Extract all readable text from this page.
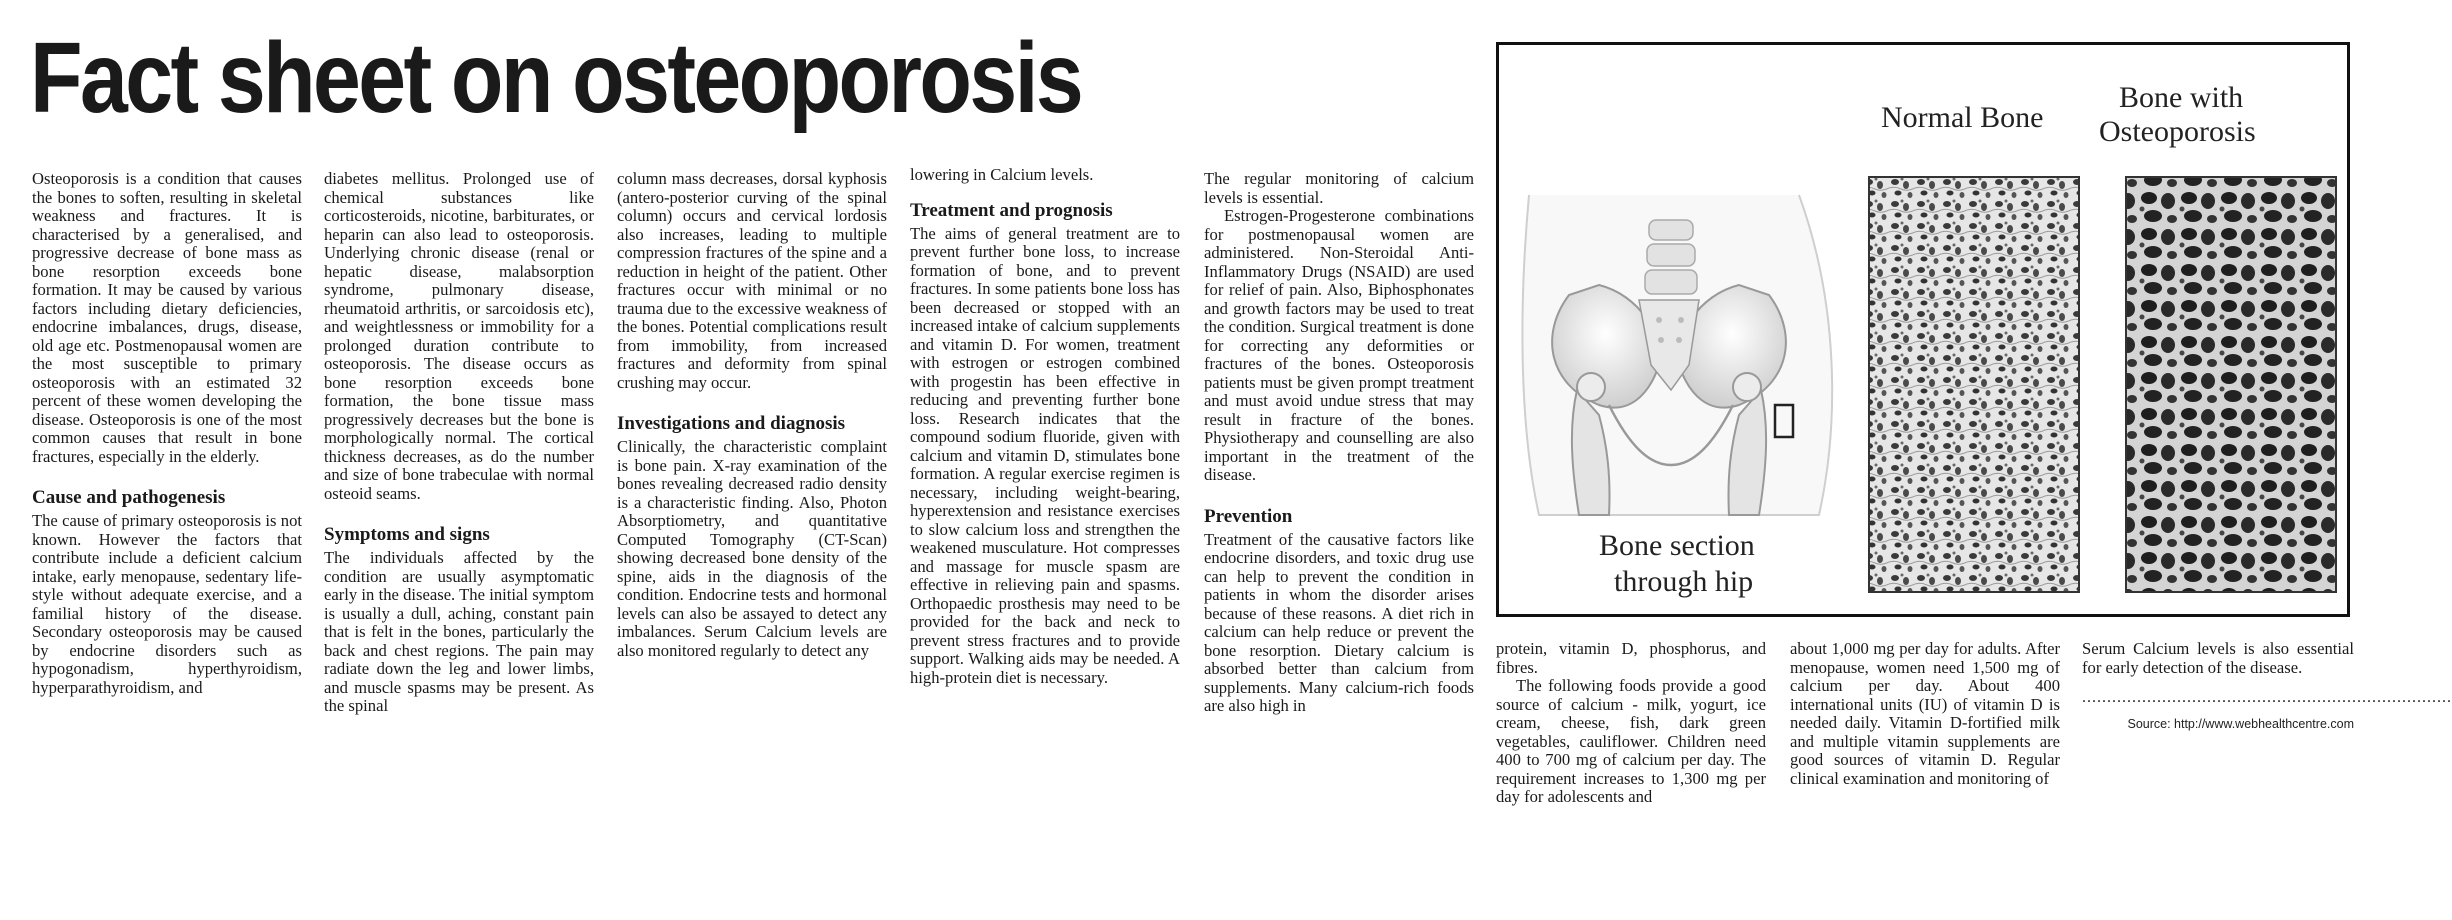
Fact sheet on osteoporosis

Osteoporosis is a condition that causes the bones to soften, resulting in skeletal weakness and fractures. It is characterised by a generalised, and progressive decrease of bone mass as bone resorption exceeds bone formation. It may be caused by various factors including dietary deficiencies, endocrine imbalances, drugs, disease, old age etc. Postmenopausal women are the most susceptible to primary osteoporosis with an estimated 32 percent of these women developing the disease. Osteoporosis is one of the most common causes that result in bone fractures, especially in the elderly.

Cause and pathogenesis

The cause of primary osteoporosis is not known. However the factors that contribute include a deficient calcium intake, early menopause, sedentary life-style without adequate exercise, and a familial history of the disease. Secondary osteoporosis may be caused by endocrine disorders such as hypogonadism, hyperthyroidism, hyperparathyroidism, and

diabetes mellitus. Prolonged use of chemical substances like corticosteroids, nicotine, barbiturates, or heparin can also lead to osteoporosis. Underlying chronic disease (renal or hepatic disease, malabsorption syndrome, pulmonary disease, rheumatoid arthritis, or sarcoidosis etc), and weightlessness or immobility for a prolonged duration contribute to osteoporosis. The disease occurs as bone resorption exceeds bone formation, the bone tissue mass progressively decreases but the bone is morphologically normal. The cortical thickness decreases, as do the number and size of bone trabeculae with normal osteoid seams.

Symptoms and signs

The individuals affected by the condition are usually asymptomatic early in the disease. The initial symptom is usually a dull, aching, constant pain that is felt in the bones, particularly the back and chest regions. The pain may radiate down the leg and lower limbs, and muscle spasms may be present. As the spinal

column mass decreases, dorsal kyphosis (antero-posterior curving of the spinal column) occurs and cervical lordosis also increases, leading to multiple compression fractures of the spine and a reduction in height of the patient. Other fractures occur with minimal or no trauma due to the excessive weakness of the bones. Potential complications result from immobility, from increased fractures and deformity from spinal crushing may occur.

Investigations and diagnosis

Clinically, the characteristic complaint is bone pain. X-ray examination of the bones revealing decreased radio density is a characteristic finding. Also, Photon Absorptiometry, and quantitative Computed Tomography (CT-Scan) showing decreased bone density of the spine, aids in the diagnosis of the condition. Endocrine tests and hormonal levels can also be assayed to detect any imbalances. Serum Calcium levels are also monitored regularly to detect any

lowering in Calcium levels.

Treatment and prognosis

The aims of general treatment are to prevent further bone loss, to increase formation of bone, and to prevent fractures. In some patients bone loss has been decreased or stopped with an increased intake of calcium supplements and vitamin D. For women, treatment with estrogen or estrogen combined with progestin has been effective in reducing and preventing further bone loss. Research indicates that the compound sodium fluoride, given with calcium and vitamin D, stimulates bone formation. A regular exercise regimen is necessary, including weight-bearing, hyperextension and resistance exercises to slow calcium loss and strengthen the weakened musculature. Hot compresses and massage for muscle spasm are effective in relieving pain and spasms. Orthopaedic prosthesis may need to be provided for the back and neck to prevent stress fractures and to provide support. Walking aids may be needed. A high-protein diet is necessary.

The regular monitoring of calcium levels is essential.

Estrogen-Progesterone combinations for postmenopausal women are administered. Non-Steroidal Anti-Inflammatory Drugs (NSAID) are used for relief of pain. Also, Biphosphonates and growth factors may be used to treat the condition. Surgical treatment is done for correcting any deformities or fractures of the bones. Osteoporosis patients must be given prompt treatment and must avoid undue stress that may result in fracture of the bones. Physiotherapy and counselling are also important in the treatment of the disease.

Prevention

Treatment of the causative factors like endocrine disorders, and toxic drug use can help to prevent the condition in patients in whom the disorder arises because of these reasons. A diet rich in calcium can help reduce or prevent the bone resorption. Dietary calcium is absorbed better than calcium from supplements. Many calcium-rich foods are also high in

protein, vitamin D, phosphorus, and fibres.

The following foods provide a good source of calcium - milk, yogurt, ice cream, cheese, fish, dark green vegetables, cauliflower. Children need 400 to 700 mg of calcium per day. The requirement increases to 1,300 mg per day for adolescents and

about 1,000 mg per day for adults. After menopause, women need 1,500 mg of calcium per day. About 400 international units (IU) of vitamin D is needed daily. Vitamin D-fortified milk and multiple vitamin supplements are good sources of vitamin D. Regular clinical examination and monitoring of

Serum Calcium levels is also essential for early detection of the disease.

..........................................................................
Source: http://www.webhealthcentre.com
Bone section
through hip
Normal Bone
Bone with
Osteoporosis
